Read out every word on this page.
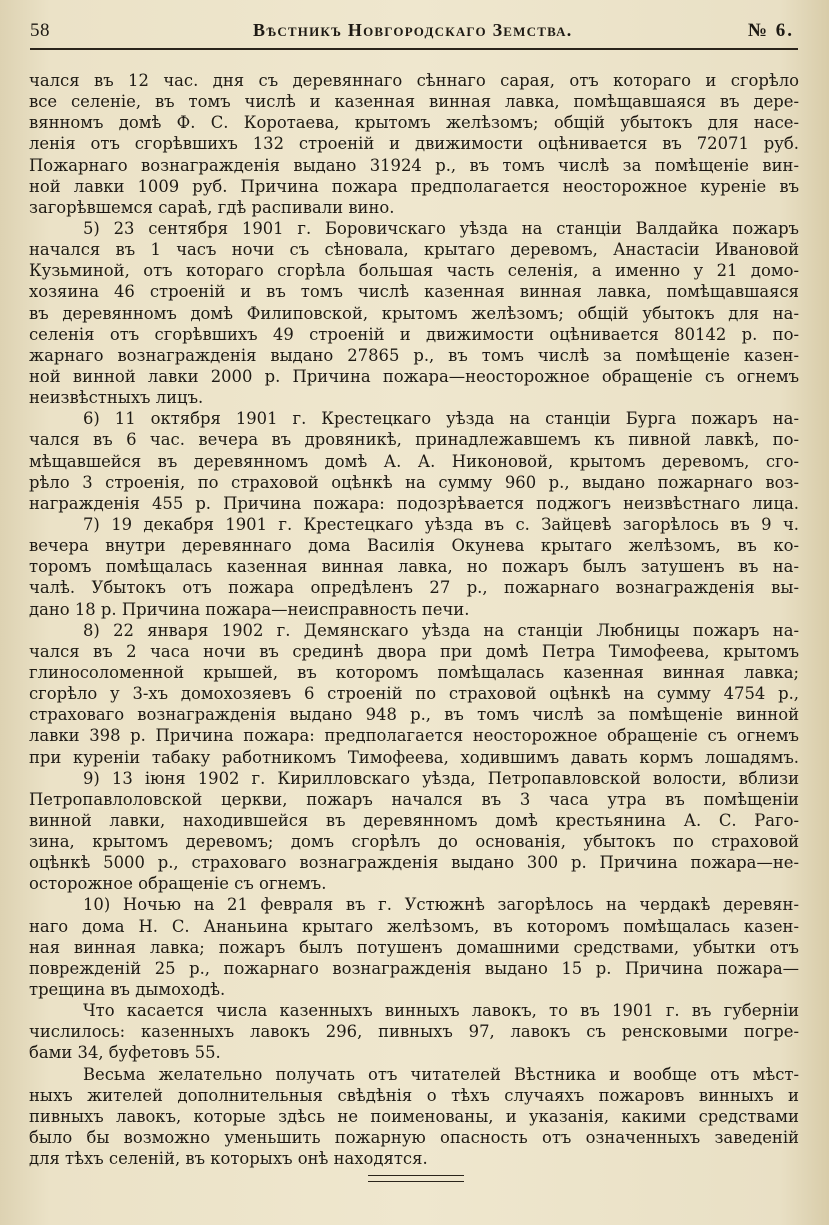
58	Вѣстникъ Новгородскаго Земства.	№ 6.
чался въ 12 час. дня съ деревяннаго сѣннаго сарая, отъ котораго и сгорѣло
все селеніе, въ томъ числѣ и казенная винная лавка, помѣщавшаяся въ дере-
вянномъ домѣ Ф. С. Коротаева, крытомъ желѣзомъ; общій убытокъ для насе-
ленія отъ сгорѣвшихъ 132 строеній и движимости оцѣнивается въ 72071 руб.
Пожарнаго вознагражденія выдано 31924 р., въ томъ числѣ за помѣщеніе вин-
ной лавки 1009 руб. Причина пожара предполагается неосторожное куреніе въ
загорѣвшемся сараѣ, гдѣ распивали вино.
5) 23 сентября 1901 г. Боровичскаго уѣзда на станціи Валдайка пожаръ
начался въ 1 часъ ночи съ сѣновала, крытаго деревомъ, Анастасіи Ивановой
Кузьминой, отъ котораго сгорѣла большая часть селенія, а именно у 21 домо-
хозяина 46 строеній и въ томъ числѣ казенная винная лавка, помѣщавшаяся
въ деревянномъ домѣ Филиповской, крытомъ желѣзомъ; общій убытокъ для на-
селенія отъ сгорѣвшихъ 49 строеній и движимости оцѣнивается 80142 р. по-
жарнаго вознагражденія выдано 27865 р., въ томъ числѣ за помѣщеніе казен-
ной винной лавки 2000 р. Причина пожара—неосторожное обращеніе съ огнемъ
неизвѣстныхъ лицъ.
6) 11 октября 1901 г. Крестецкаго уѣзда на станціи Бурга пожаръ на-
чался въ 6 час. вечера въ дровяникѣ, принадлежавшемъ къ пивной лавкѣ, по-
мѣщавшейся въ деревянномъ домѣ А. А. Никоновой, крытомъ деревомъ, сго-
рѣло 3 строенія, по страховой оцѣнкѣ на сумму 960 р., выдано пожарнаго воз-
награжденія 455 р. Причина пожара: подозрѣвается поджогъ неизвѣстнаго лица.
7) 19 декабря 1901 г. Крестецкаго уѣзда въ с. Зайцевѣ загорѣлось въ 9 ч.
вечера внутри деревяннаго дома Василія Окунева крытаго желѣзомъ, въ ко-
торомъ помѣщалась казенная винная лавка, но пожаръ былъ затушенъ въ на-
чалѣ. Убытокъ отъ пожара опредѣленъ 27 р., пожарнаго вознагражденія вы-
дано 18 р. Причина пожара—неисправность печи.
8) 22 января 1902 г. Демянскаго уѣзда на станціи Любницы пожаръ на-
чался въ 2 часа ночи въ срединѣ двора при домѣ Петра Тимофеева, крытомъ
глиносоломенной крышей, въ которомъ помѣщалась казенная винная лавка;
сгорѣло у 3-хъ домохозяевъ 6 строеній по страховой оцѣнкѣ на сумму 4754 р.,
страховаго вознагражденія выдано 948 р., въ томъ числѣ за помѣщеніе винной
лавки 398 р. Причина пожара: предполагается неосторожное обращеніе съ огнемъ
при куреніи табаку работникомъ Тимофеева, ходившимъ давать кормъ лошадямъ.
9) 13 іюня 1902 г. Кирилловскаго уѣзда, Петропавловской волости, вблизи
Петропавлоловской церкви, пожаръ начался въ 3 часа утра въ помѣщеніи
винной лавки, находившейся въ деревянномъ домѣ крестьянина А. С. Раго-
зина, крытомъ деревомъ; домъ сгорѣлъ до основанія, убытокъ по страховой
оцѣнкѣ 5000 р., страховаго вознагражденія выдано 300 р. Причина пожара—не-
осторожное обращеніе съ огнемъ.
10) Ночью на 21 февраля въ г. Устюжнѣ загорѣлось на чердакѣ деревян-
наго дома Н. С. Ананьина крытаго желѣзомъ, въ которомъ помѣщалась казен-
ная винная лавка; пожаръ былъ потушенъ домашними средствами, убытки отъ
поврежденій 25 р., пожарнаго вознагражденія выдано 15 р. Причина пожара—
трещина въ дымоходѣ.
Что касается числа казенныхъ винныхъ лавокъ, то въ 1901 г. въ губерніи
числилось: казенныхъ лавокъ 296, пивныхъ 97, лавокъ съ ренсковыми погре-
бами 34, буфетовъ 55.
Весьма желательно получать отъ читателей Вѣстника и вообще отъ мѣст-
ныхъ жителей дополнительныя свѣдѣнія о тѣхъ случаяхъ пожаровъ винныхъ и
пивныхъ лавокъ, которые здѣсь не поименованы, и указанія, какими средствами
было бы возможно уменьшить пожарную опасность отъ означенныхъ заведеній
для тѣхъ селеній, въ которыхъ онѣ находятся.
